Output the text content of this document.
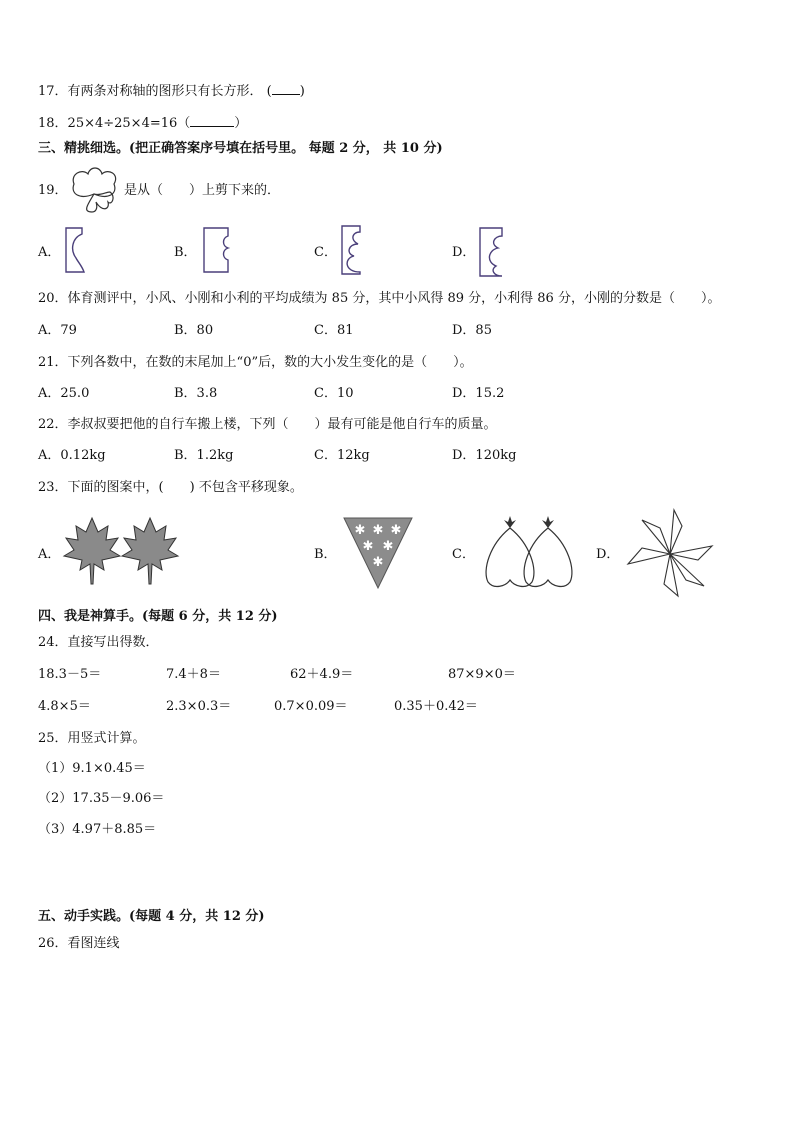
17．有两条对称轴的图形只有长方形． ( )
18．25×4÷25×4=16（	）
三、精挑细选。(把正确答案序号填在括号里。 每题 2 分， 共 10 分)
19．	是从（　　）上剪下来的．
A．	B．	C．	D．
20．体育测评中，小风、小刚和小利的平均成绩为 85 分，其中小风得 89 分，小利得 86 分，小刚的分数是（　　）。
A．79	B．80	C．81	D．85
21．下列各数中，在数的末尾加上“0”后，数的大小发生变化的是（　　）。
A．25.0	B．3.8	C．10	D．15.2
22．李叔叔要把他的自行车搬上楼，下列（　　）最有可能是他自行车的质量。
A．0.12kg	B．1.2kg	C．12kg	D．120kg
23．下面的图案中，(　　) 不包含平移现象。
A．	B．
✱ ✱ ✱
✱ ✱
✱
C．	D．
四、我是神算手。(每题 6 分，共 12 分)
24．直接写出得数．
18.3－5＝	7.4＋8＝	62＋4.9＝	87×9×0＝
4.8×5＝	2.3×0.3＝	0.7×0.09＝	0.35＋0.42＝
25．用竖式计算。
（1）9.1×0.45＝
（2）17.35－9.06＝
（3）4.97＋8.85＝
五、动手实践。(每题 4 分，共 12 分)
26．看图连线
